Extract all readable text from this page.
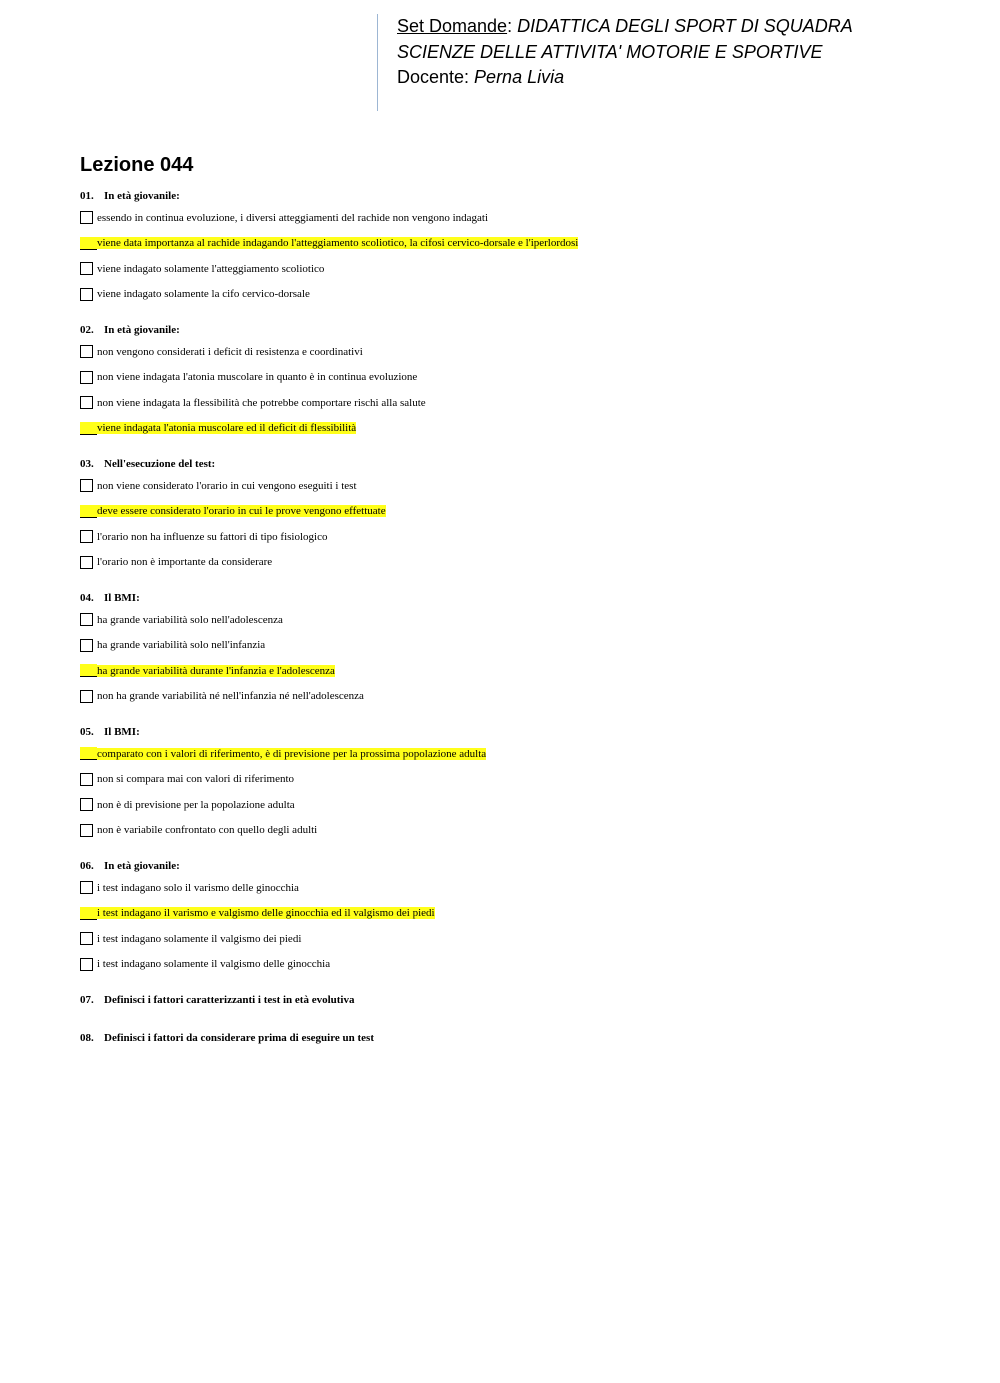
Set Domande: DIDATTICA DEGLI SPORT DI SQUADRA
SCIENZE DELLE ATTIVITA' MOTORIE E SPORTIVE
Docente: Perna Livia
Lezione 044
01. In età giovanile:
essendo in continua evoluzione, i diversi atteggiamenti del rachide non vengono indagati
viene data importanza al rachide indagando l'atteggiamento scoliotico, la cifosi cervico-dorsale e l'iperlordosi
viene indagato solamente l'atteggiamento scoliotico
viene indagato solamente la cifo cervico-dorsale
02. In età giovanile:
non vengono considerati i deficit di resistenza e coordinativi
non viene indagata l'atonia muscolare in quanto è in continua evoluzione
non viene indagata la flessibilità che potrebbe comportare rischi alla salute
viene indagata l'atonia muscolare ed il deficit di flessibilità
03. Nell'esecuzione del test:
non viene considerato l'orario in cui vengono eseguiti i test
deve essere considerato l'orario in cui le prove vengono effettuate
l'orario non ha influenze su fattori di tipo fisiologico
l'orario non è importante da considerare
04. Il BMI:
ha grande variabilità solo nell'adolescenza
ha grande variabilità solo nell'infanzia
ha grande variabilità durante l'infanzia e l'adolescenza
non ha grande variabilità né nell'infanzia né nell'adolescenza
05. Il BMI:
comparato con i valori di riferimento, è di previsione per la prossima popolazione adulta
non si compara mai con valori di riferimento
non è di previsione per la popolazione adulta
non è variabile confrontato con quello degli adulti
06. In età giovanile:
i test indagano solo il varismo delle ginocchia
i test indagano il varismo e valgismo delle ginocchia ed il valgismo dei piedi
i test indagano solamente il valgismo dei piedi
i test indagano solamente il valgismo delle ginocchia
07. Definisci i fattori caratterizzanti i test in età evolutiva
08. Definisci i fattori da considerare prima di eseguire un test
